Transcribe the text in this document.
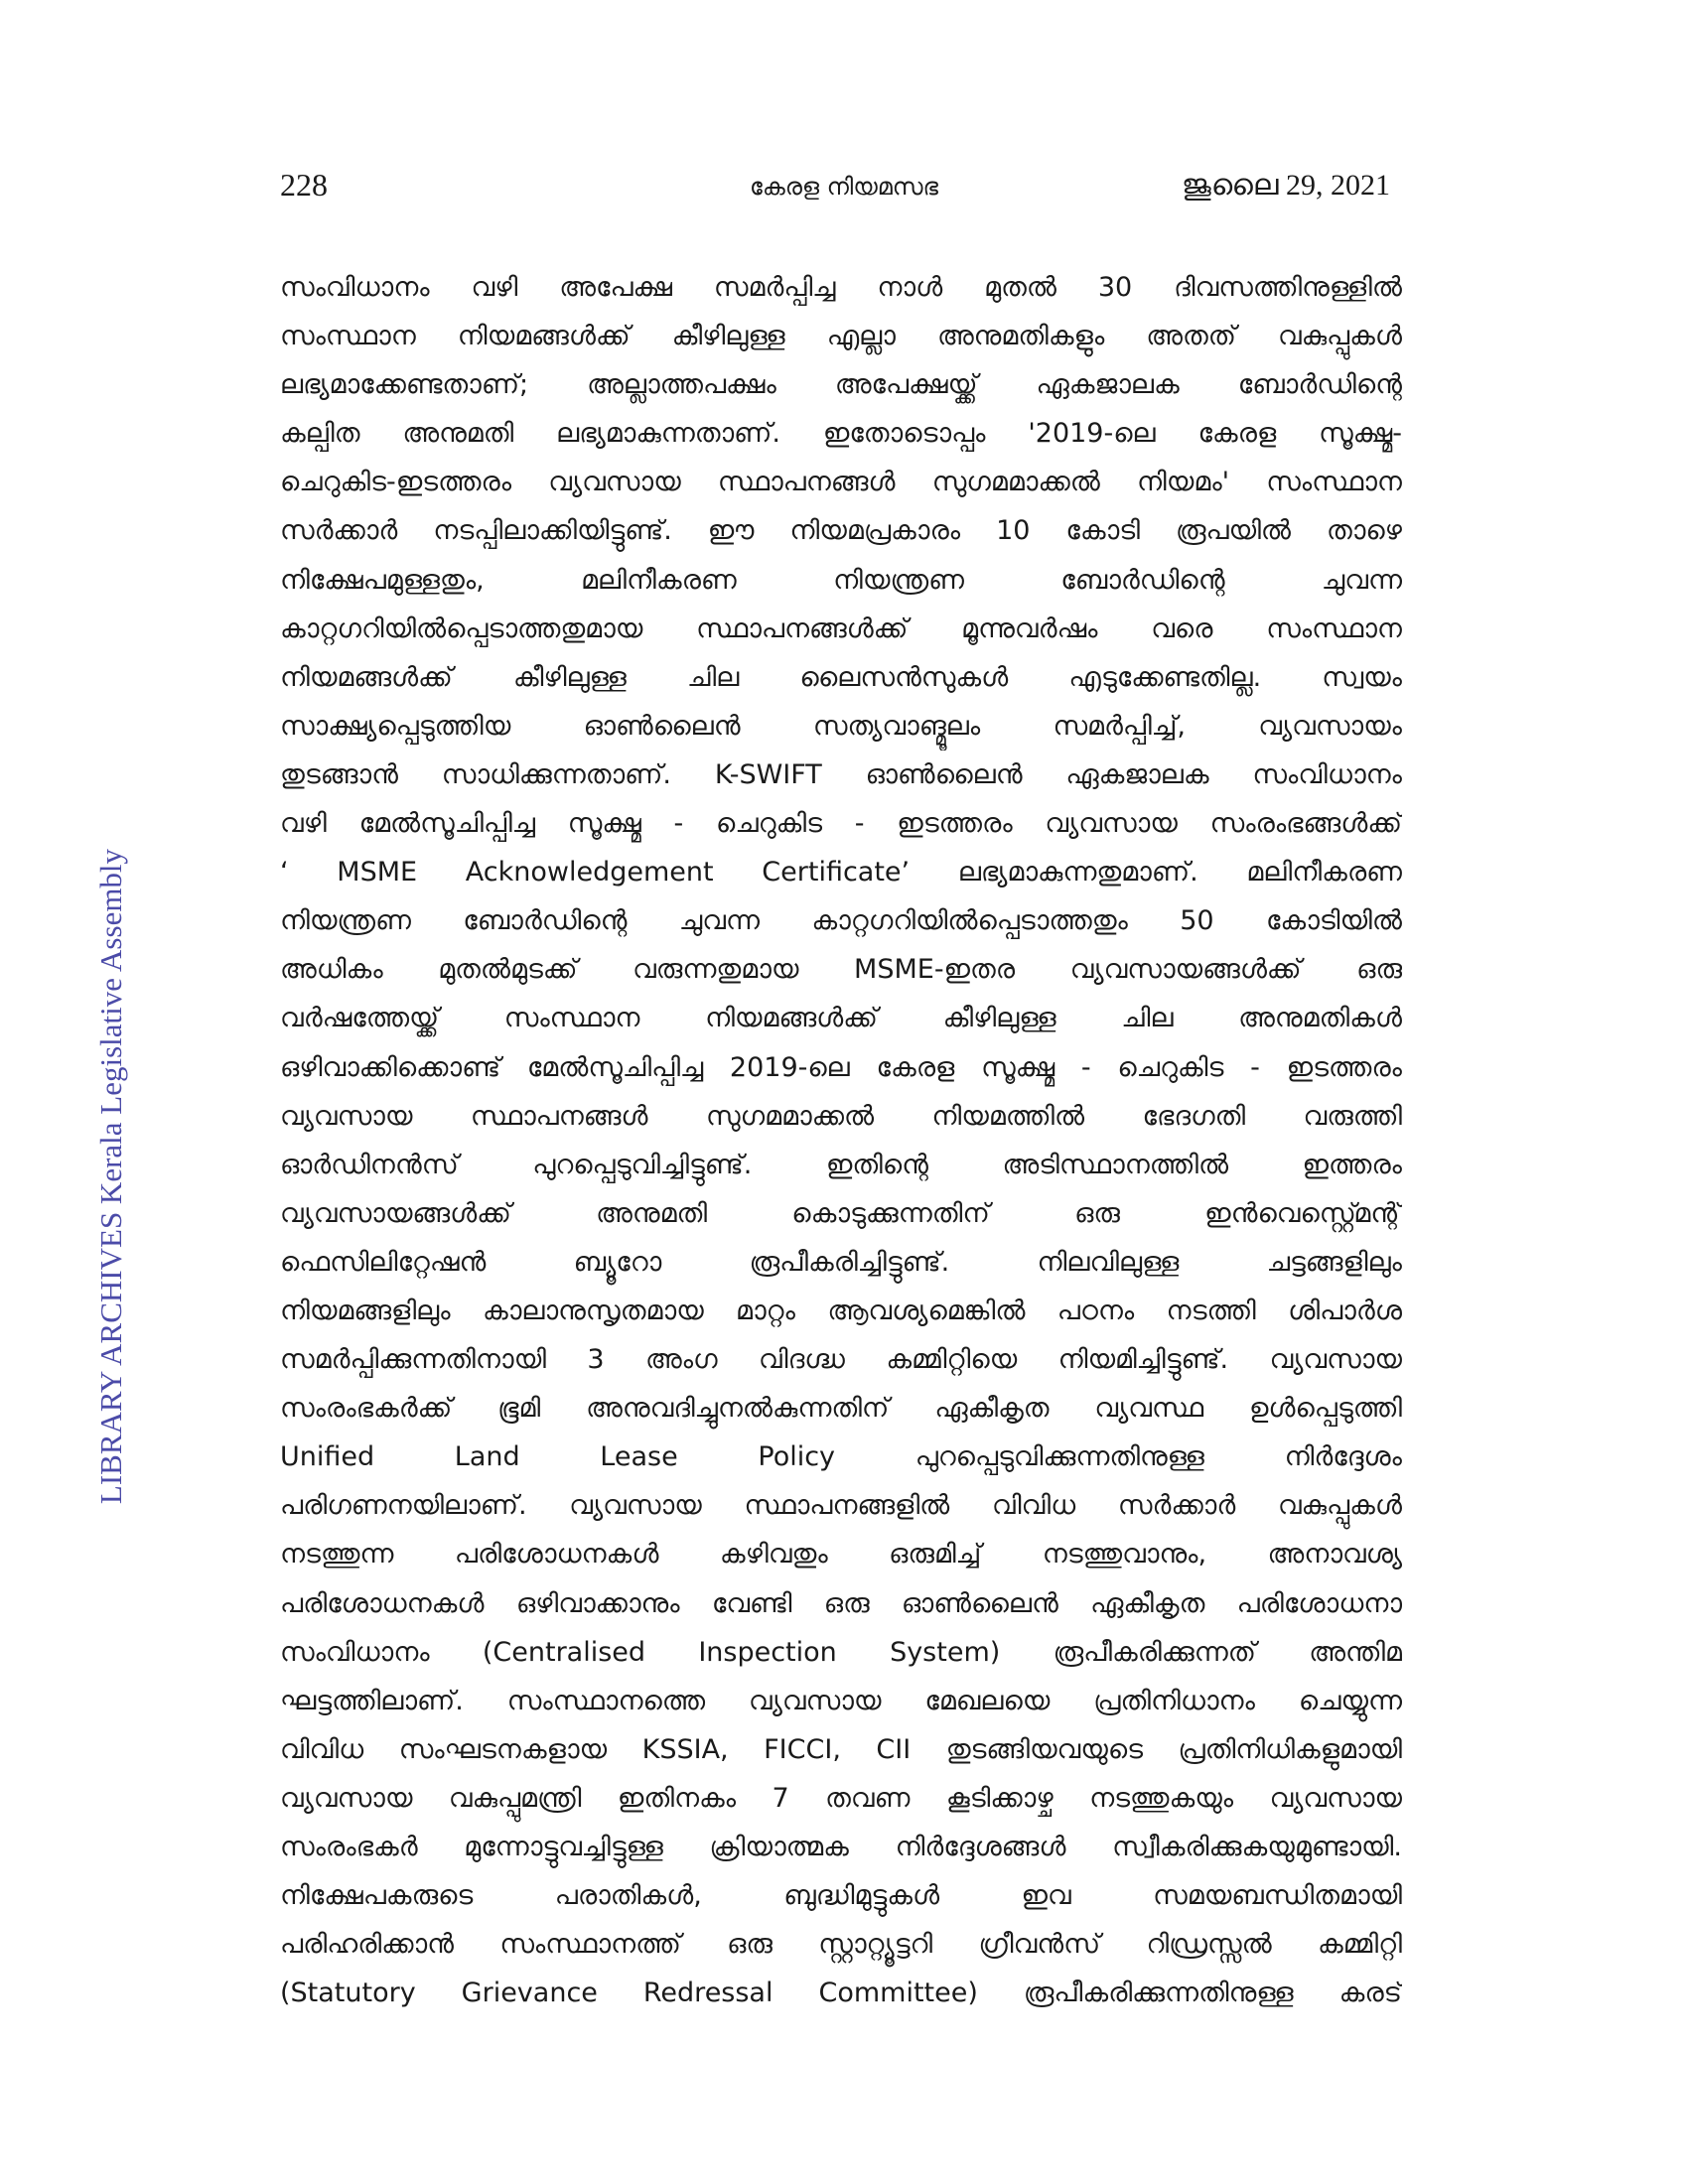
228	കേരള നിയമസഭ	ജൂലൈ 29, 2021
LIBRARY ARCHIVES Kerala Legislative Assembly
സംവിധാനം വഴി അപേക്ഷ സമർപ്പിച്ച നാൾ മുതൽ 30 ദിവസത്തിനുള്ളിൽ
സംസ്ഥാന നിയമങ്ങൾക്ക് കീഴിലുള്ള എല്ലാ അനുമതികളും അതത് വകുപ്പുകൾ
ലഭ്യമാക്കേണ്ടതാണ്; അല്ലാത്തപക്ഷം അപേക്ഷയ്ക്ക് ഏകജാലക ബോർഡിന്റെ
കല്പിത അനുമതി ലഭ്യമാകുന്നതാണ്. ഇതോടൊപ്പം '2019-ലെ കേരള സൂക്ഷ്മ-
ചെറുകിട-ഇടത്തരം വ്യവസായ സ്ഥാപനങ്ങൾ സുഗമമാക്കൽ നിയമം' സംസ്ഥാന
സർക്കാർ നടപ്പിലാക്കിയിട്ടുണ്ട്. ഈ നിയമപ്രകാരം 10 കോടി രൂപയിൽ താഴെ
നിക്ഷേപമുള്ളതും, മലിനീകരണ നിയന്ത്രണ ബോർഡിന്റെ ചുവന്ന
കാറ്റഗറിയിൽപ്പെടാത്തതുമായ സ്ഥാപനങ്ങൾക്ക് മൂന്നുവർഷം വരെ സംസ്ഥാന
നിയമങ്ങൾക്ക് കീഴിലുള്ള ചില ലൈസൻസുകൾ എടുക്കേണ്ടതില്ല. സ്വയം
സാക്ഷ്യപ്പെടുത്തിയ ഓൺലൈൻ സത്യവാങ്മൂലം സമർപ്പിച്ച്, വ്യവസായം
തുടങ്ങാൻ സാധിക്കുന്നതാണ്. K-SWIFT ഓൺലൈൻ ഏകജാലക സംവിധാനം
വഴി മേൽസൂചിപ്പിച്ച സൂക്ഷ്മ - ചെറുകിട - ഇടത്തരം വ്യവസായ സംരംഭങ്ങൾക്ക്
‘ MSME Acknowledgement Certificate’ ലഭ്യമാകുന്നതുമാണ്. മലിനീകരണ
നിയന്ത്രണ ബോർഡിന്റെ ചുവന്ന കാറ്റഗറിയിൽപ്പെടാത്തതും 50 കോടിയിൽ
അധികം മുതൽമുടക്ക് വരുന്നതുമായ MSME-ഇതര വ്യവസായങ്ങൾക്ക് ഒരു
വർഷത്തേയ്ക്ക് സംസ്ഥാന നിയമങ്ങൾക്ക് കീഴിലുള്ള ചില അനുമതികൾ
ഒഴിവാക്കിക്കൊണ്ട് മേൽസൂചിപ്പിച്ച 2019-ലെ കേരള സൂക്ഷ്മ - ചെറുകിട - ഇടത്തരം
വ്യവസായ സ്ഥാപനങ്ങൾ സുഗമമാക്കൽ നിയമത്തിൽ ഭേദഗതി വരുത്തി
ഓർഡിനൻസ് പുറപ്പെടുവിച്ചിട്ടുണ്ട്. ഇതിന്റെ അടിസ്ഥാനത്തിൽ ഇത്തരം
വ്യവസായങ്ങൾക്ക് അനുമതി കൊടുക്കുന്നതിന് ഒരു ഇൻവെസ്റ്റ്മെന്റ്
ഫെസിലിറ്റേഷൻ ബ്യൂറോ രൂപീകരിച്ചിട്ടുണ്ട്. നിലവിലുള്ള ചട്ടങ്ങളിലും
നിയമങ്ങളിലും കാലാനുസൃതമായ മാറ്റം ആവശ്യമെങ്കിൽ പഠനം നടത്തി ശിപാർശ
സമർപ്പിക്കുന്നതിനായി 3 അംഗ വിദഗ്ദ്ധ കമ്മിറ്റിയെ നിയമിച്ചിട്ടുണ്ട്. വ്യവസായ
സംരംഭകർക്ക് ഭൂമി അനുവദിച്ചുനൽകുന്നതിന് ഏകീകൃത വ്യവസ്ഥ ഉൾപ്പെടുത്തി
Unified Land Lease Policy പുറപ്പെടുവിക്കുന്നതിനുള്ള നിർദ്ദേശം
പരിഗണനയിലാണ്. വ്യവസായ സ്ഥാപനങ്ങളിൽ വിവിധ സർക്കാർ വകുപ്പുകൾ
നടത്തുന്ന പരിശോധനകൾ കഴിവതും ഒരുമിച്ച് നടത്തുവാനും, അനാവശ്യ
പരിശോധനകൾ ഒഴിവാക്കാനും വേണ്ടി ഒരു ഓൺലൈൻ ഏകീകൃത പരിശോധനാ
സംവിധാനം (Centralised Inspection System) രൂപീകരിക്കുന്നത് അന്തിമ
ഘട്ടത്തിലാണ്. സംസ്ഥാനത്തെ വ്യവസായ മേഖലയെ പ്രതിനിധാനം ചെയ്യുന്ന
വിവിധ സംഘടനകളായ KSSIA, FICCI, CII തുടങ്ങിയവയുടെ പ്രതിനിധികളുമായി
വ്യവസായ വകുപ്പുമന്ത്രി ഇതിനകം 7 തവണ കൂടിക്കാഴ്ച നടത്തുകയും വ്യവസായ
സംരംഭകർ മുന്നോട്ടുവച്ചിട്ടുള്ള ക്രിയാത്മക നിർദ്ദേശങ്ങൾ സ്വീകരിക്കുകയുമുണ്ടായി.
നിക്ഷേപകരുടെ പരാതികൾ, ബുദ്ധിമുട്ടുകൾ ഇവ സമയബന്ധിതമായി
പരിഹരിക്കാൻ സംസ്ഥാനത്ത് ഒരു സ്റ്റാറ്റ്യൂട്ടറി ഗ്രീവൻസ് റിഡ്രസ്സൽ കമ്മിറ്റി
(Statutory Grievance Redressal Committee) രൂപീകരിക്കുന്നതിനുള്ള കരട്
